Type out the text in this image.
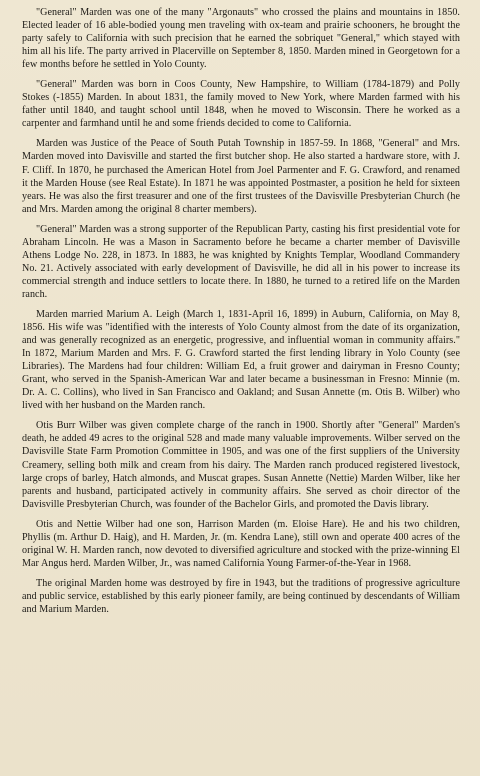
"General" Marden was one of the many "Argonauts" who crossed the plains and mountains in 1850. Elected leader of 16 able-bodied young men traveling with ox-team and prairie schooners, he brought the party safely to California with such precision that he earned the sobriquet "General," which stayed with him all his life. The party arrived in Placerville on September 8, 1850. Marden mined in Georgetown for a few months before he settled in Yolo County.

"General" Marden was born in Coos County, New Hampshire, to William (1784-1879) and Polly Stokes (-1855) Marden. In about 1831, the family moved to New York, where Marden farmed with his father until 1840, and taught school until 1848, when he moved to Wisconsin. There he worked as a carpenter and farmhand until he and some friends decided to come to California.

Marden was Justice of the Peace of South Putah Township in 1857-59. In 1868, "General" and Mrs. Marden moved into Davisville and started the first butcher shop. He also started a hardware store, with J. F. Cliff. In 1870, he purchased the American Hotel from Joel Parmenter and F. G. Crawford, and renamed it the Marden House (see Real Estate). In 1871 he was appointed Postmaster, a position he held for sixteen years. He was also the first treasurer and one of the first trustees of the Davisville Presbyterian Church (he and Mrs. Marden among the original 8 charter members).

"General" Marden was a strong supporter of the Republican Party, casting his first presidential vote for Abraham Lincoln. He was a Mason in Sacramento before he became a charter member of Davisville Athens Lodge No. 228, in 1873. In 1883, he was knighted by Knights Templar, Woodland Commandery No. 21. Actively associated with early development of Davisville, he did all in his power to increase its commercial strength and induce settlers to locate there. In 1880, he turned to a retired life on the Marden ranch.

Marden married Marium A. Leigh (March 1, 1831-April 16, 1899) in Auburn, California, on May 8, 1856. His wife was "identified with the interests of Yolo County almost from the date of its organization, and was generally recognized as an energetic, progressive, and influential woman in community affairs." In 1872, Marium Marden and Mrs. F. G. Crawford started the first lending library in Yolo County (see Libraries). The Mardens had four children: William Ed, a fruit grower and dairyman in Fresno County; Grant, who served in the Spanish-American War and later became a businessman in Fresno: Minnie (m. Dr. A. C. Collins), who lived in San Francisco and Oakland; and Susan Annette (m. Otis B. Wilber) who lived with her husband on the Marden ranch.

Otis Burr Wilber was given complete charge of the ranch in 1900. Shortly after "General" Marden's death, he added 49 acres to the original 528 and made many valuable improvements. Wilber served on the Davisville State Farm Promotion Committee in 1905, and was one of the first suppliers of the University Creamery, selling both milk and cream from his dairy. The Marden ranch produced registered livestock, large crops of barley, Hatch almonds, and Muscat grapes. Susan Annette (Nettie) Marden Wilber, like her parents and husband, participated actively in community affairs. She served as choir director of the Davisville Presbyterian Church, was founder of the Bachelor Girls, and promoted the Davis library.

Otis and Nettie Wilber had one son, Harrison Marden (m. Eloise Hare). He and his two children, Phyllis (m. Arthur D. Haig), and H. Marden, Jr. (m. Kendra Lane), still own and operate 400 acres of the original W. H. Marden ranch, now devoted to diversified agriculture and stocked with the prize-winning El Mar Angus herd. Marden Wilber, Jr., was named California Young Farmer-of-the-Year in 1968.

The original Marden home was destroyed by fire in 1943, but the traditions of progressive agriculture and public service, established by this early pioneer family, are being continued by descendants of William and Marium Marden.
